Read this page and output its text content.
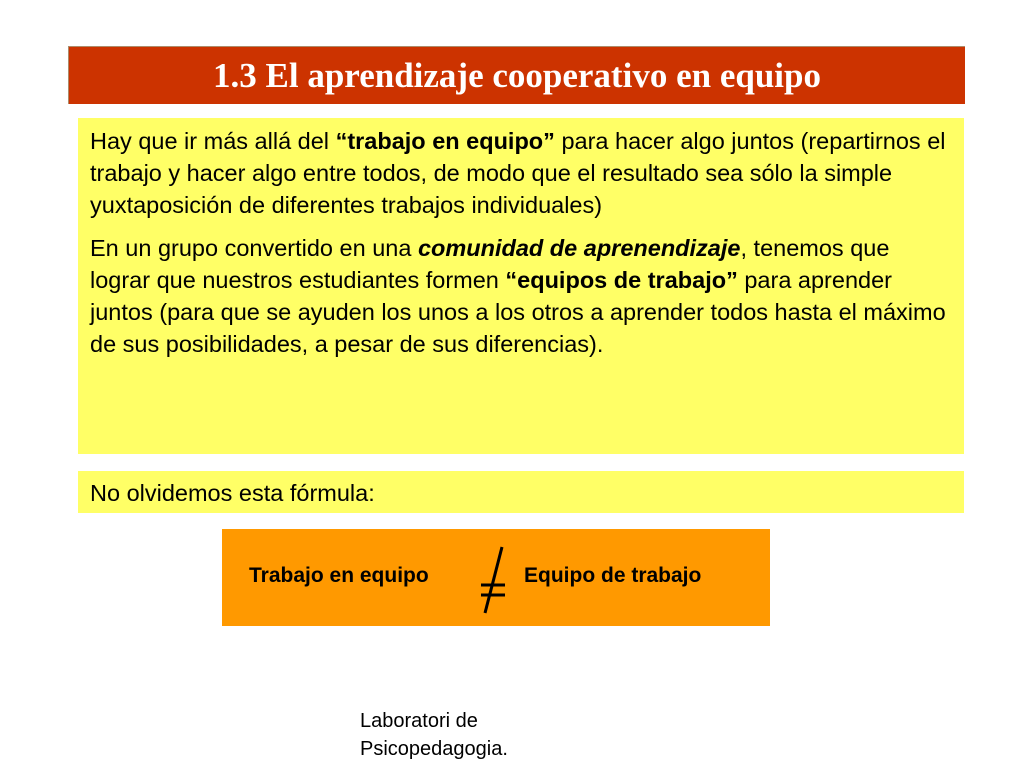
1.3 El aprendizaje cooperativo en equipo

Hay que ir más allá del “trabajo en equipo” para hacer algo juntos (repartirnos el trabajo y hacer algo entre todos, de modo que el resultado sea sólo la simple yuxtaposición de diferentes trabajos individuales)

En un grupo convertido en una comunidad de aprenendizaje, tenemos que lograr que nuestros estudiantes formen “equipos de trabajo” para aprender juntos (para que se ayuden los unos a los otros a aprender todos hasta el máximo de sus posibilidades, a pesar de sus diferencias).

No olvidemos esta fórmula:
Trabajo en equipo	Equipo de trabajo
Laboratori de
Psicopedagogia.
